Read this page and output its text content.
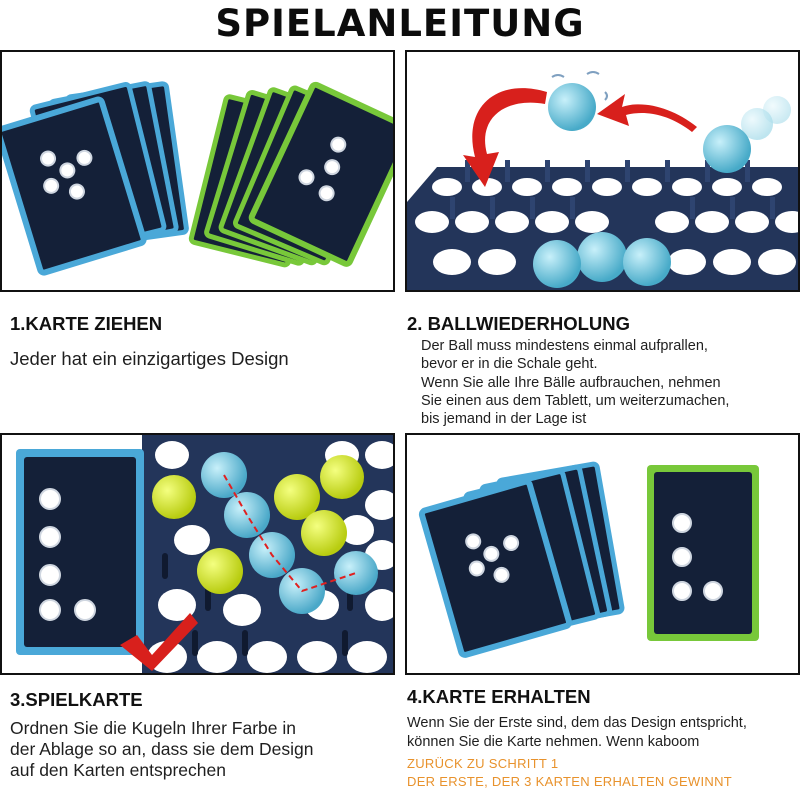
SPIELANLEITUNG
1.KARTE ZIEHEN
Jeder hat ein einzigartiges Design
2. BALLWIEDERHOLUNG
Der Ball muss mindestens einmal aufprallen,
bevor er in die Schale geht.
Wenn Sie alle Ihre Bälle aufbrauchen, nehmen
Sie einen aus dem Tablett, um weiterzumachen,
bis jemand in der Lage ist
3.SPIELKARTE
Ordnen Sie die Kugeln Ihrer Farbe in
der Ablage so an, dass sie dem Design
auf den Karten entsprechen
4.KARTE ERHALTEN
Wenn Sie der Erste sind, dem das Design entspricht,
können Sie die Karte nehmen. Wenn kaboom
ZURÜCK ZU SCHRITT 1
DER ERSTE, DER 3 KARTEN ERHALTEN GEWINNT
